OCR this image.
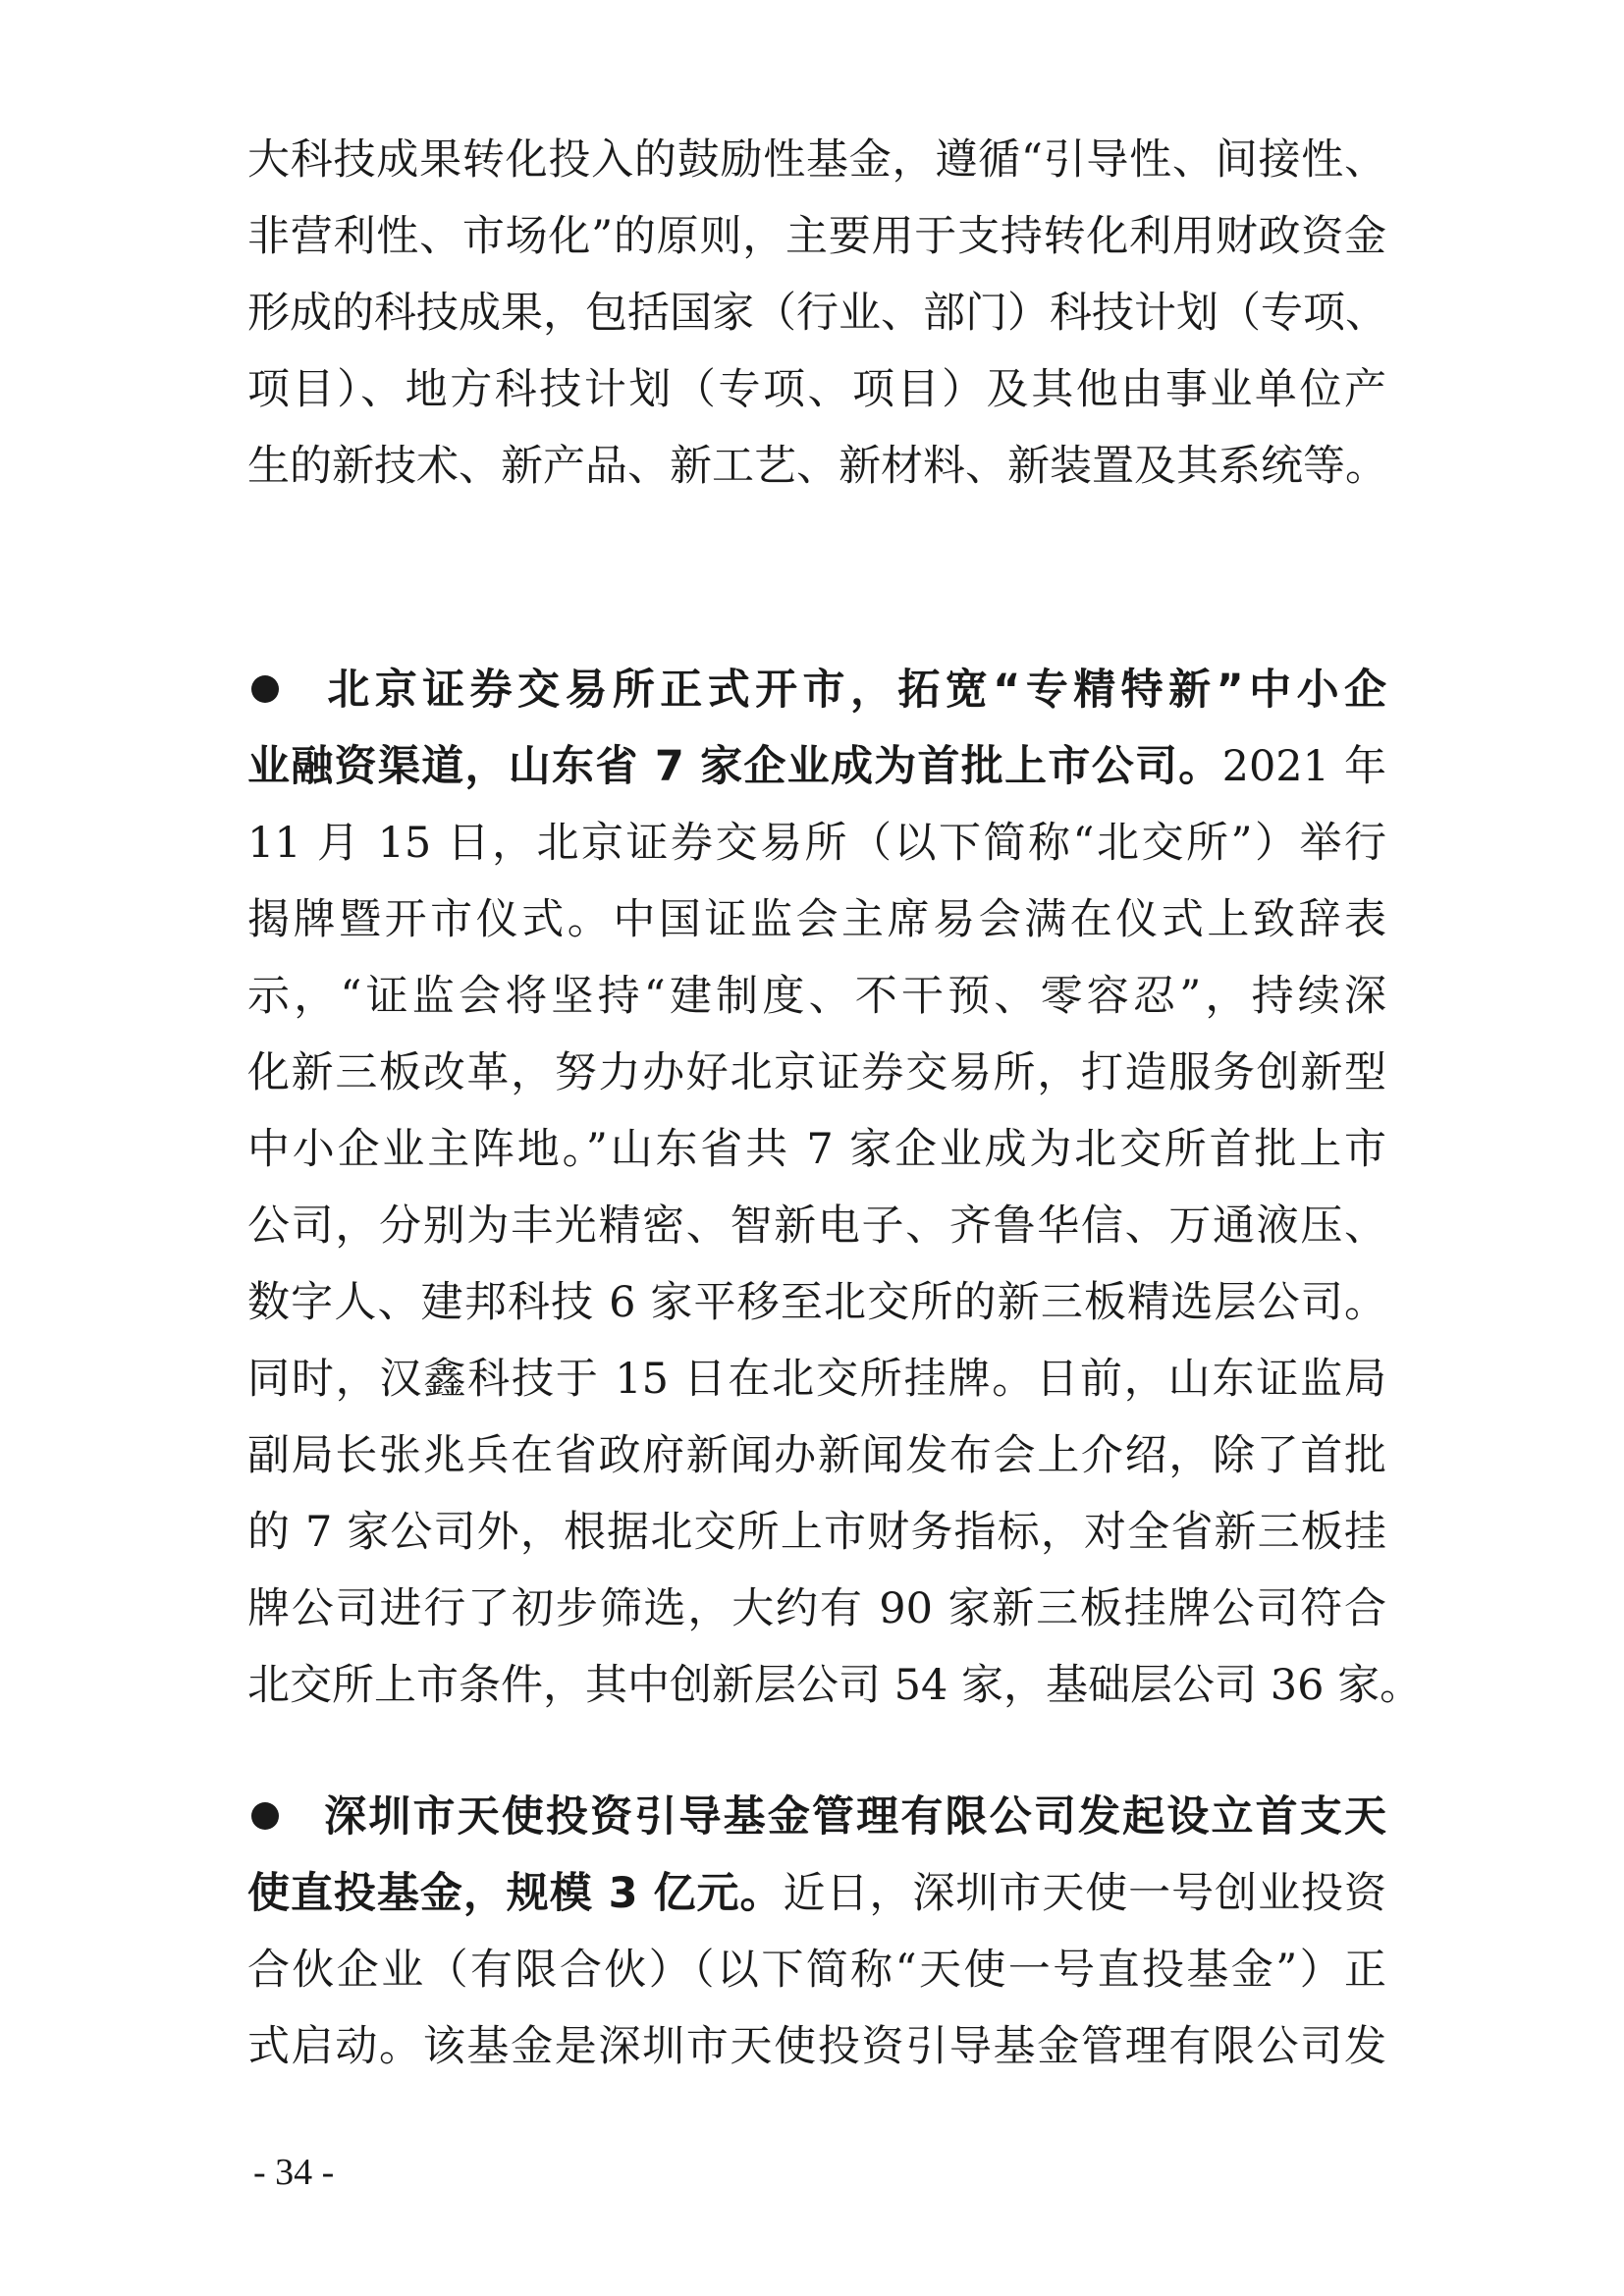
大科技成果转化投入的鼓励性基金，遵循“引导性、间接性、
非营利性、市场化”的原则，主要用于支持转化利用财政资金
形成的科技成果，包括国家（行业、部门）科技计划（专项、
项目）、地方科技计划（专项、项目）及其他由事业单位产
生的新技术、新产品、新工艺、新材料、新装置及其系统等。
北京证券交易所正式开市，拓宽“专精特新”中小企
业融资渠道，山东省 7 家企业成为首批上市公司。2021 年
11 月 15 日，北京证券交易所（以下简称“北交所”）举行
揭牌暨开市仪式。中国证监会主席易会满在仪式上致辞表
示，“证监会将坚持“建制度、不干预、零容忍”，持续深
化新三板改革，努力办好北京证券交易所，打造服务创新型
中小企业主阵地。”山东省共 7 家企业成为北交所首批上市
公司，分别为丰光精密、智新电子、齐鲁华信、万通液压、
数字人、建邦科技 6 家平移至北交所的新三板精选层公司。
同时，汉鑫科技于 15 日在北交所挂牌。日前，山东证监局
副局长张兆兵在省政府新闻办新闻发布会上介绍，除了首批
的 7 家公司外，根据北交所上市财务指标，对全省新三板挂
牌公司进行了初步筛选，大约有 90 家新三板挂牌公司符合
北交所上市条件，其中创新层公司 54 家，基础层公司 36 家。
深圳市天使投资引导基金管理有限公司发起设立首支天
使直投基金，规模 3 亿元。近日，深圳市天使一号创业投资
合伙企业（有限合伙）（以下简称“天使一号直投基金”）正
式启动。该基金是深圳市天使投资引导基金管理有限公司发
- 34 -
